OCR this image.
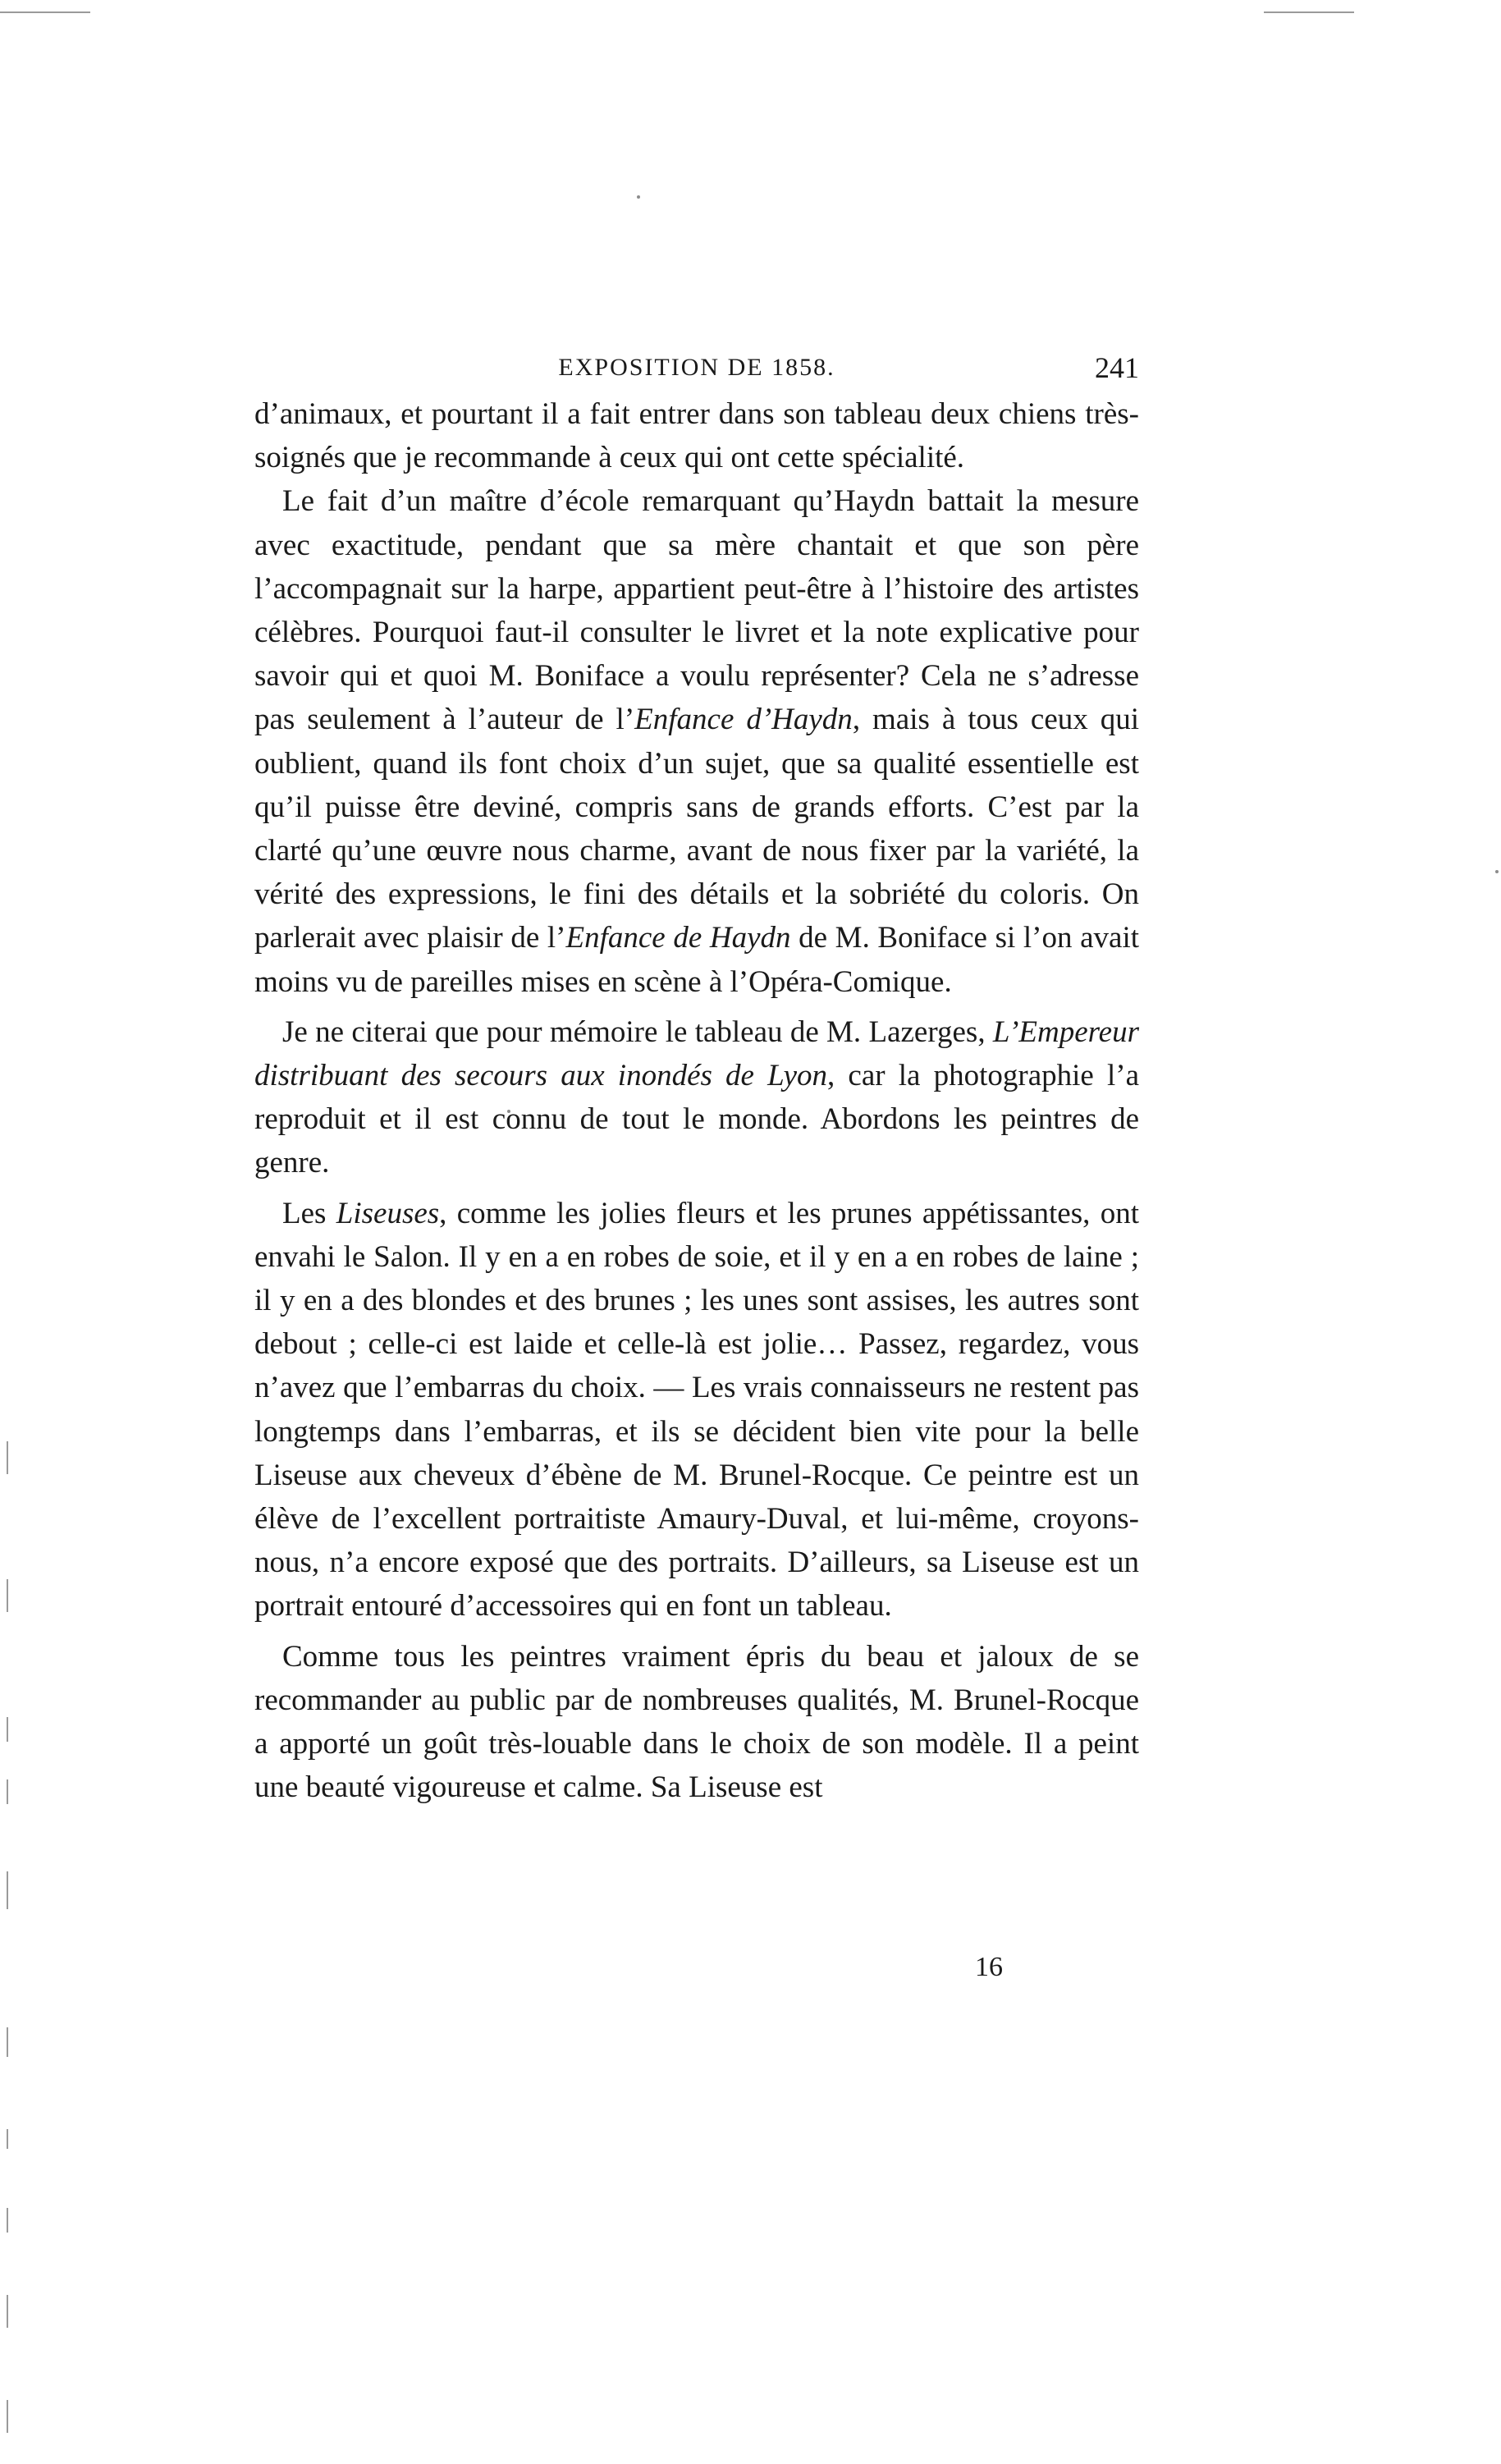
EXPOSITION DE 1858.	241

d’animaux, et pourtant il a fait entrer dans son tableau deux chiens très-soignés que je recommande à ceux qui ont cette spécialité.

Le fait d’un maître d’école remarquant qu’Haydn battait la mesure avec exactitude, pendant que sa mère chantait et que son père l’accompagnait sur la harpe, appartient peut-être à l’histoire des artistes célèbres. Pourquoi faut-il consulter le livret et la note explicative pour savoir qui et quoi M. Boniface a voulu représenter? Cela ne s’adresse pas seulement à l’auteur de l’Enfance d’Haydn, mais à tous ceux qui oublient, quand ils font choix d’un sujet, que sa qualité essentielle est qu’il puisse être deviné, compris sans de grands efforts. C’est par la clarté qu’une œuvre nous charme, avant de nous fixer par la variété, la vérité des expressions, le fini des détails et la sobriété du coloris. On parlerait avec plaisir de l’Enfance de Haydn de M. Boniface si l’on avait moins vu de pareilles mises en scène à l’Opéra-Comique.

Je ne citerai que pour mémoire le tableau de M. Lazerges, L’Empereur distribuant des secours aux inondés de Lyon, car la photographie l’a reproduit et il est connu de tout le monde. Abordons les peintres de genre.

Les Liseuses, comme les jolies fleurs et les prunes appétissantes, ont envahi le Salon. Il y en a en robes de soie, et il y en a en robes de laine ; il y en a des blondes et des brunes ; les unes sont assises, les autres sont debout ; celle-ci est laide et celle-là est jolie… Passez, regardez, vous n’avez que l’embarras du choix. — Les vrais connaisseurs ne restent pas longtemps dans l’embarras, et ils se décident bien vite pour la belle Liseuse aux cheveux d’ébène de M. Brunel-Rocque. Ce peintre est un élève de l’excellent portraitiste Amaury-Duval, et lui-même, croyons-nous, n’a encore exposé que des portraits. D’ailleurs, sa Liseuse est un portrait entouré d’accessoires qui en font un tableau.

Comme tous les peintres vraiment épris du beau et jaloux de se recommander au public par de nombreuses qualités, M. Brunel-Rocque a apporté un goût très-louable dans le choix de son modèle. Il a peint une beauté vigoureuse et calme. Sa Liseuse est

16
